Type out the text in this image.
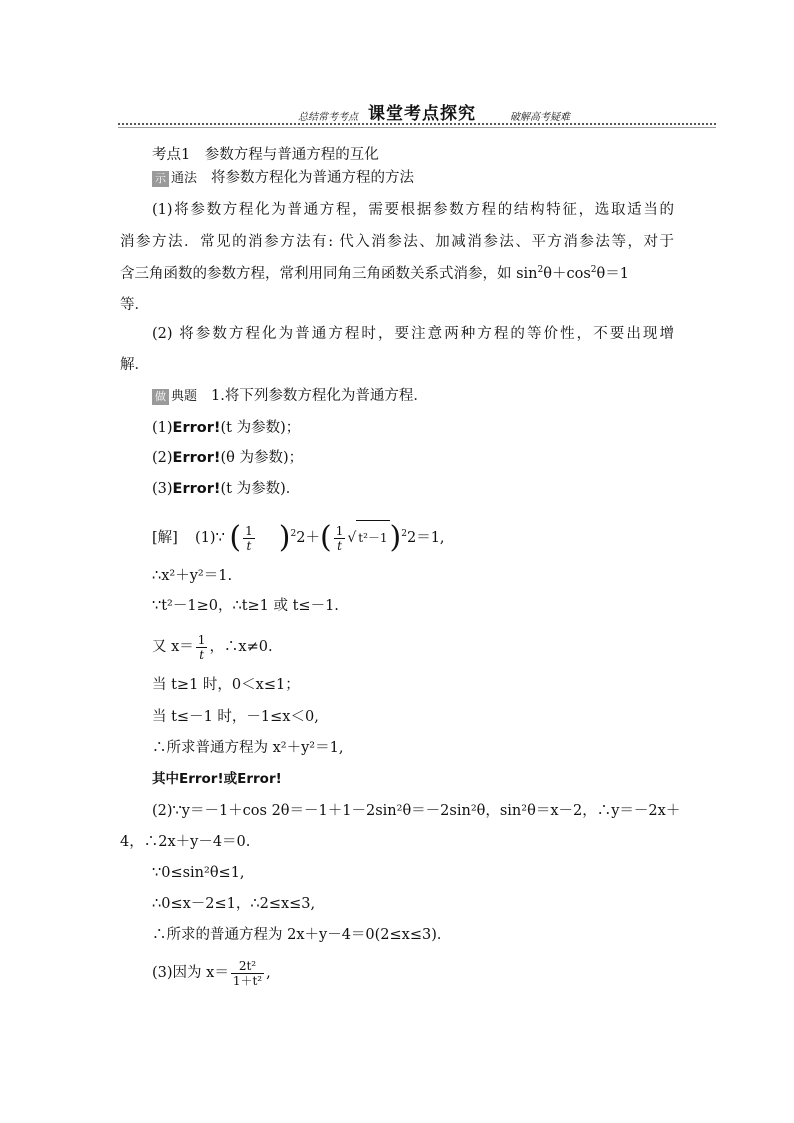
总结常考考点 课堂考点探究	破解高考疑难
考点1　参数方程与普通方程的互化
示 通法 将参数方程化为普通方程的方法
(1)将参数方程化为普通方程，需要根据参数方程的结构特征，选取适当的
消参方法．常见的消参方法有: 代入消参法、加减消参法、平方消参法等，对于
含三角函数的参数方程，常利用同角三角函数关系式消参，如 $\sin^2\theta+\cos^2\theta=1$
等．
(2) 将参数方程化为普通方程时，要注意两种方程的等价性，不要出现增
解．
做 典题 1.将下列参数方程化为普通方程．
(1)Error!(t 为参数)；
(2)Error!(θ 为参数)；
(3)Error!(t 为参数)．
[解] (1)∵ ( $\frac{1}{t} )^22+( \frac{1}{t}$ √ t²－1)$^2$2＝1,
∴x²＋y²＝1.
∵t²－1≥0，∴t≥1 或 t≤－1.
又 $x= \frac{1}{t}$ ，∴x≠0.
当 t≥1 时，0＜x≤1；
当 t≤－1 时，－1≤x＜0,
∴所求普通方程为 x²＋y²＝1,
其中Error!或Error!
(2)∵y＝－1＋cos 2θ＝－1＋1－2sin²θ＝－2sin²θ，sin²θ＝x－2，∴y＝－2x＋
4，∴2x＋y－4＝0.
∵0≤sin²θ≤1,
∴0≤x－2≤1，∴2≤x≤3,
∴所求的普通方程为 2x＋y－4＝0(2≤x≤3)．
(3)因为 $x= \frac{\text{2t²}}{\text{1＋t²}}$ ,
